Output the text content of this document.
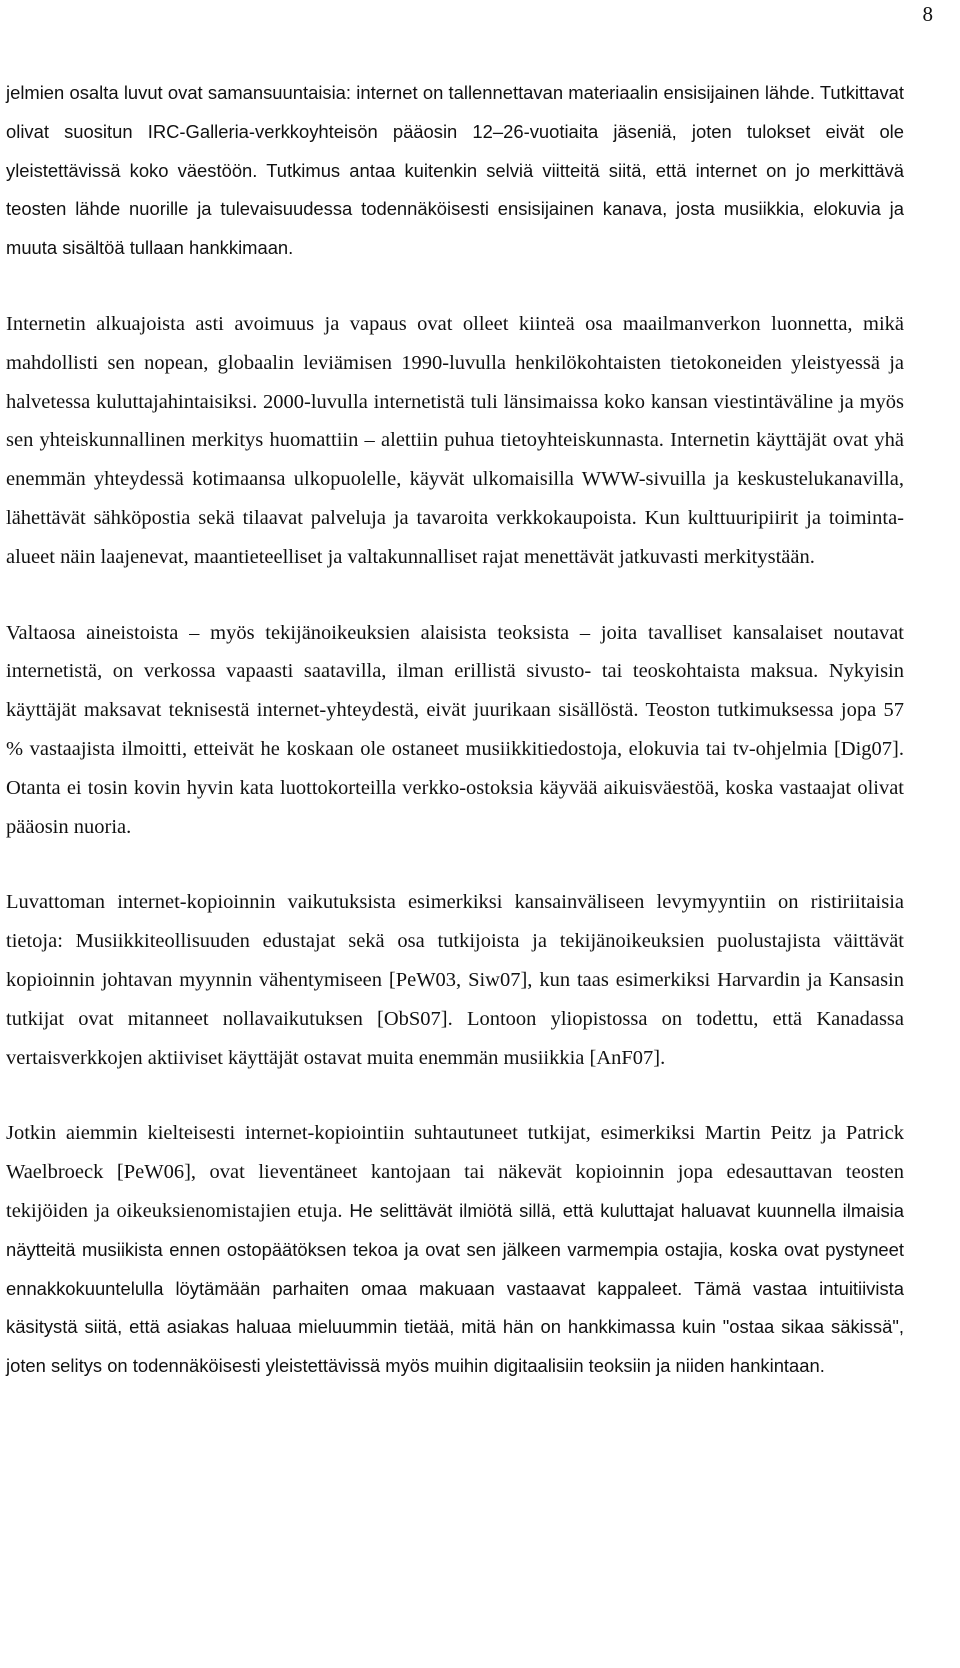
8

jelmien osalta luvut ovat samansuuntaisia: internet on tallennettavan materiaalin ensisijainen lähde. Tutkittavat olivat suositun IRC-Galleria-verkkoyhteisön pääosin 12–26-vuotiaita jäseniä, joten tulokset eivät ole yleistettävissä koko väestöön. Tutkimus antaa kuitenkin selviä viitteitä siitä, että internet on jo merkittävä teosten lähde nuorille ja tulevaisuudessa todennäköisesti ensisijainen kanava, josta musiikkia, elokuvia ja muuta sisältöä tullaan hankkimaan.

Internetin alkuajoista asti avoimuus ja vapaus ovat olleet kiinteä osa maailmanverkon luonnetta, mikä mahdollisti sen nopean, globaalin leviämisen 1990-luvulla henkilökohtaisten tietokoneiden yleistyessä ja halvetessa kuluttajahintaisiksi. 2000-luvulla internetistä tuli länsimaissa koko kansan viestintäväline ja myös sen yhteiskunnallinen merkitys huomattiin – alettiin puhua tietoyhteiskunnasta. Internetin käyttäjät ovat yhä enemmän yhteydessä kotimaansa ulkopuolelle, käyvät ulkomaisilla WWW-sivuilla ja keskustelukanavilla, lähettävät sähköpostia sekä tilaavat palveluja ja tavaroita verkkokaupoista. Kun kulttuuripiirit ja toiminta-alueet näin laajenevat, maantieteelliset ja valtakunnalliset rajat menettävät jatkuvasti merkitystään.

Valtaosa aineistoista – myös tekijänoikeuksien alaisista teoksista – joita tavalliset kansalaiset noutavat internetistä, on verkossa vapaasti saatavilla, ilman erillistä sivusto- tai teoskohtaista maksua. Nykyisin käyttäjät maksavat teknisestä internet-yhteydestä, eivät juurikaan sisällöstä. Teoston tutkimuksessa jopa 57 % vastaajista ilmoitti, etteivät he koskaan ole ostaneet musiikkitiedostoja, elokuvia tai tv-ohjelmia [Dig07]. Otanta ei tosin kovin hyvin kata luottokorteilla verkko-ostoksia käyvää aikuisväestöä, koska vastaajat olivat pääosin nuoria.

Luvattoman internet-kopioinnin vaikutuksista esimerkiksi kansainväliseen levymyyntiin on ristiriitaisia tietoja: Musiikkiteollisuuden edustajat sekä osa tutkijoista ja tekijänoikeuksien puolustajista väittävät kopioinnin johtavan myynnin vähentymiseen [PeW03, Siw07], kun taas esimerkiksi Harvardin ja Kansasin tutkijat ovat mitanneet nollavaikutuksen [ObS07]. Lontoon yliopistossa on todettu, että Kanadassa vertaisverkkojen aktiiviset käyttäjät ostavat muita enemmän musiikkia [AnF07].

Jotkin aiemmin kielteisesti internet-kopiointiin suhtautuneet tutkijat, esimerkiksi Martin Peitz ja Patrick Waelbroeck [PeW06], ovat lieventäneet kantojaan tai näkevät kopioinnin jopa edesauttavan teosten tekijöiden ja oikeuksienomistajien etuja. He selittävät ilmiötä sillä, että kuluttajat haluavat kuunnella ilmaisia näytteitä musiikista ennen ostopäätöksen tekoa ja ovat sen jälkeen varmempia ostajia, koska ovat pystyneet ennakkokuuntelulla löytämään parhaiten omaa makuaan vastaavat kappaleet. Tämä vastaa intuitiivista käsitystä siitä, että asiakas haluaa mieluummin tietää, mitä hän on hankkimassa kuin "ostaa sikaa säkissä", joten selitys on todennäköisesti yleistettävissä myös muihin digitaalisiin teoksiin ja niiden hankintaan.
